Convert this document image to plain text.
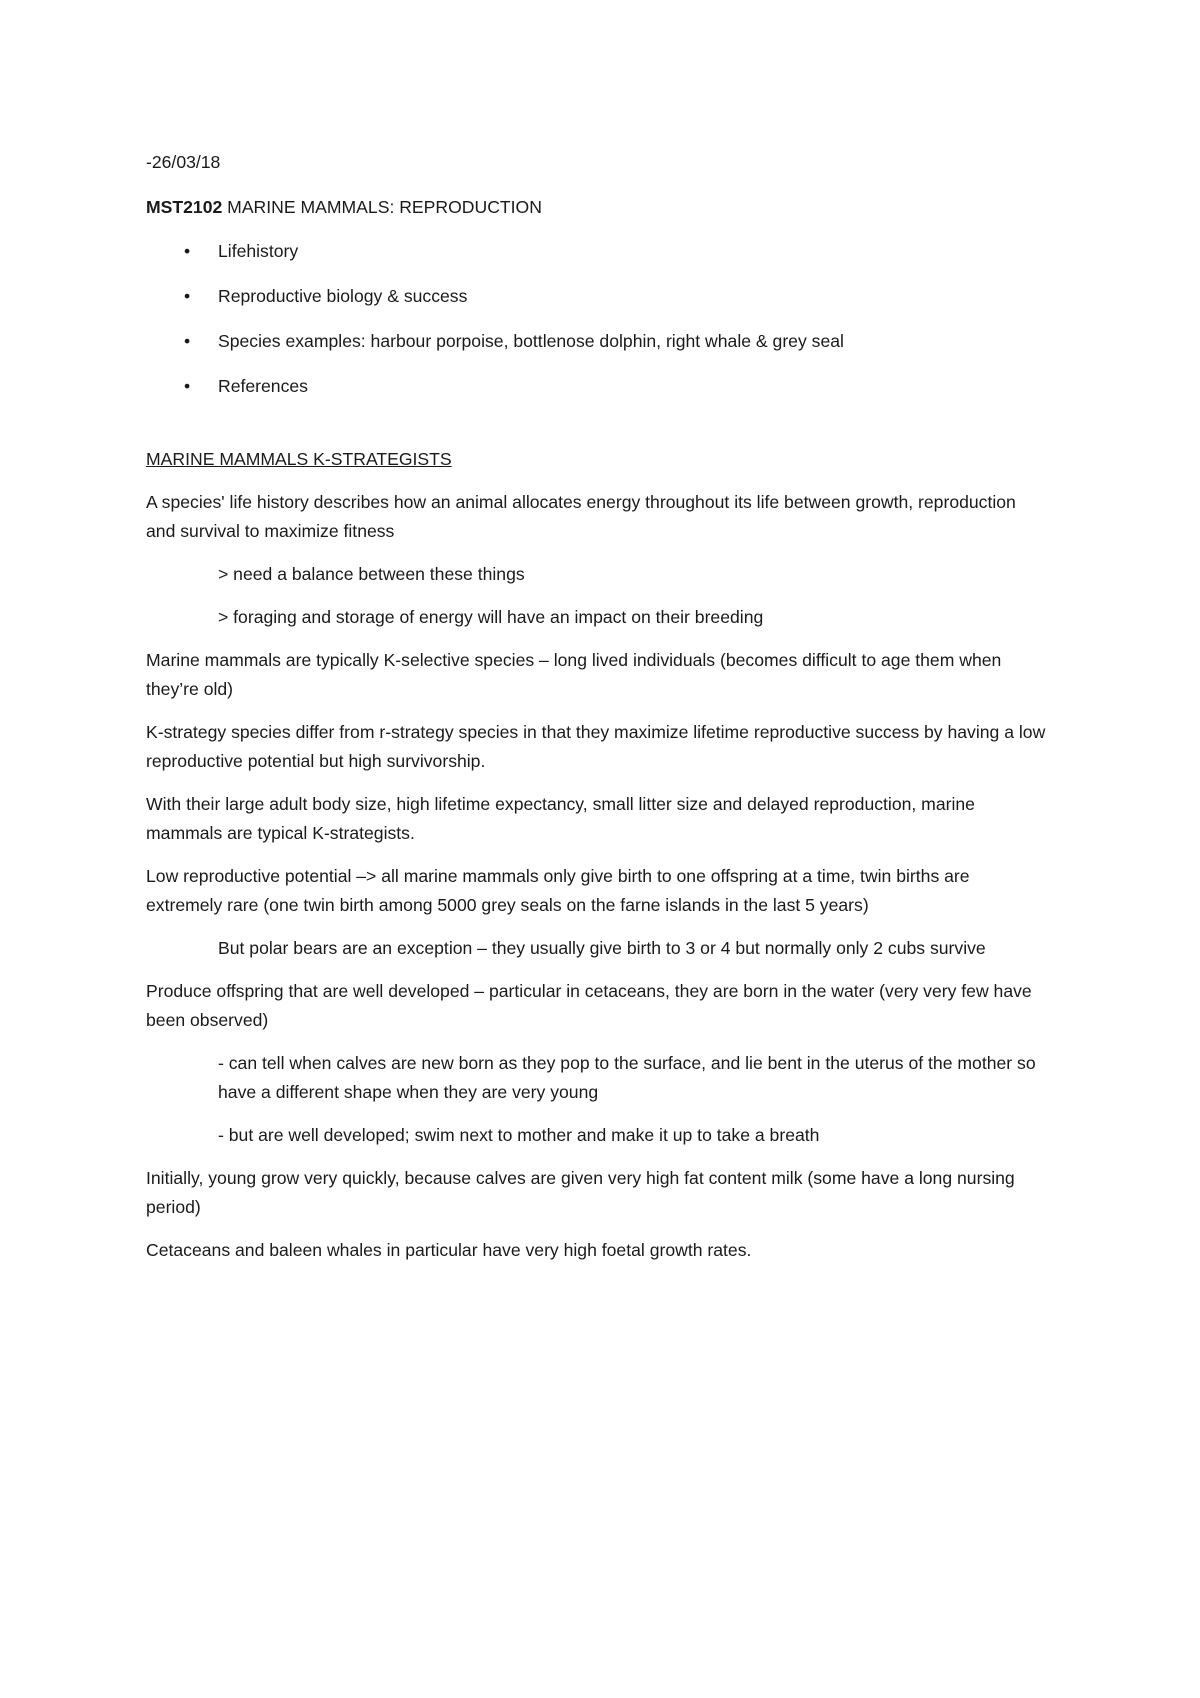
-26/03/18
MST2102 MARINE MAMMALS: REPRODUCTION
• Lifehistory
• Reproductive biology & success
• Species examples: harbour porpoise, bottlenose dolphin, right whale & grey seal
• References
MARINE MAMMALS K-STRATEGISTS

A species' life history describes how an animal allocates energy throughout its life between growth, reproduction and survival to maximize fitness

> need a balance between these things

> foraging and storage of energy will have an impact on their breeding

Marine mammals are typically K-selective species – long lived individuals (becomes difficult to age them when they’re old)

K-strategy species differ from r-strategy species in that they maximize lifetime reproductive success by having a low reproductive potential but high survivorship.

With their large adult body size, high lifetime expectancy, small litter size and delayed reproduction, marine mammals are typical K-strategists.

Low reproductive potential –> all marine mammals only give birth to one offspring at a time, twin births are extremely rare (one twin birth among 5000 grey seals on the farne islands in the last 5 years)

But polar bears are an exception – they usually give birth to 3 or 4 but normally only 2 cubs survive

Produce offspring that are well developed – particular in cetaceans, they are born in the water (very very few have been observed)

- can tell when calves are new born as they pop to the surface, and lie bent in the uterus of the mother so have a different shape when they are very young

- but are well developed; swim next to mother and make it up to take a breath

Initially, young grow very quickly, because calves are given very high fat content milk (some have a long nursing period)

Cetaceans and baleen whales in particular have very high foetal growth rates.
